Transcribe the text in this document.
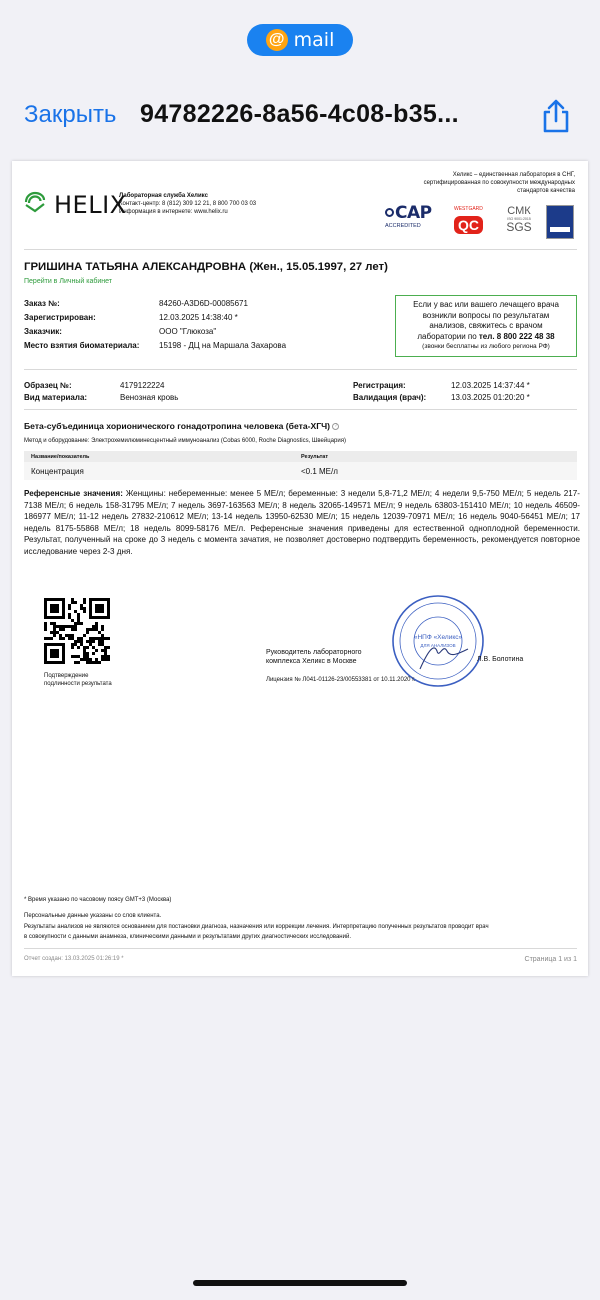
@ mail
Закрыть 94782226-8a56-4c08-b35...
HELIX
Лабораторная служба Хеликс
Контакт-центр: 8 (812) 309 12 21, 8 800 700 03 03
Информация в интернете: www.helix.ru
Хеликс – единственная лаборатория в СНГ,
сертифицированная по совокупности международных
стандартов качества
CAP
ACCREDITED
WESTGARD
QC
СМК
ISO 9001:2015
SGS
ГРИШИНА ТАТЬЯНА АЛЕКСАНДРОВНА (Жен., 15.05.1997, 27 лет)
Перейти в Личный кабинет
Заказ №:	84260-A3D6D-00085671
Зарегистрирован:	12.03.2025 14:38:40 *
Заказчик:	ООО "Глюкоза"
Место взятия биоматериала: 15198 - ДЦ на Маршала Захарова
Если у вас или вашего лечащего врача
возникли вопросы по результатам
анализов, свяжитесь с врачом
лаборатории по тел. 8 800 222 48 38
(звонки бесплатны из любого региона РФ)
Образец №:	4179122224
Вид материала:	Венозная кровь
Регистрация:	12.03.2025 14:37:44 *
Валидация (врач):	13.03.2025 01:20:20 *
Бета-субъединица хорионического гонадотропина человека (бета-ХГЧ) ?
Метод и оборудование: Электрохемилюминесцентный иммуноанализ (Cobas 6000, Roche Diagnostics, Швейцария)
Название/показатель	Результат
Концентрация	<0.1 МЕ/л
Референсные значения: Женщины: небеременные: менее 5 МЕ/л; беременные: 3 недели 5,8-71,2 МЕ/л; 4 недели 9,5-750 МЕ/л; 5 недель 217-7138 МЕ/л; 6 недель 158-31795 МЕ/л; 7 недель 3697-163563 МЕ/л; 8 недель 32065-149571 МЕ/л; 9 недель 63803-151410 МЕ/л; 10 недель 46509-186977 МЕ/л; 11-12 недель 27832-210612 МЕ/л; 13-14 недель 13950-62530 МЕ/л; 15 недель 12039-70971 МЕ/л; 16 недель 9040-56451 МЕ/л; 17 недель 8175-55868 МЕ/л; 18 недель 8099-58176 МЕ/л. Референсные значения приведены для естественной одноплодной беременности. Результат, полученный на сроке до 3 недель с момента зачатия, не позволяет достоверно подтвердить беременность, рекомендуется повторное исследование через 2-3 дня.
Подтверждение
подлинности результата
Руководитель лабораторного
комплекса Хеликс в Москве
«НПФ «Хеликс»
ДЛЯ АНАЛИЗОВ
Л.В. Болотина
Лицензия № Л041-01126-23/00553381 от 10.11.2020 г.
* Время указано по часовому поясу GMT+3 (Москва)
Персональные данные указаны со слов клиента.
Результаты анализов не являются основанием для постановки диагноза, назначения или коррекции лечения. Интерпретацию полученных результатов проводит врач
в совокупности с данными анамнеза, клиническими данными и результатами других диагностических исследований.
Отчет создан: 13.03.2025 01:26:19 *	Страница 1 из 1
